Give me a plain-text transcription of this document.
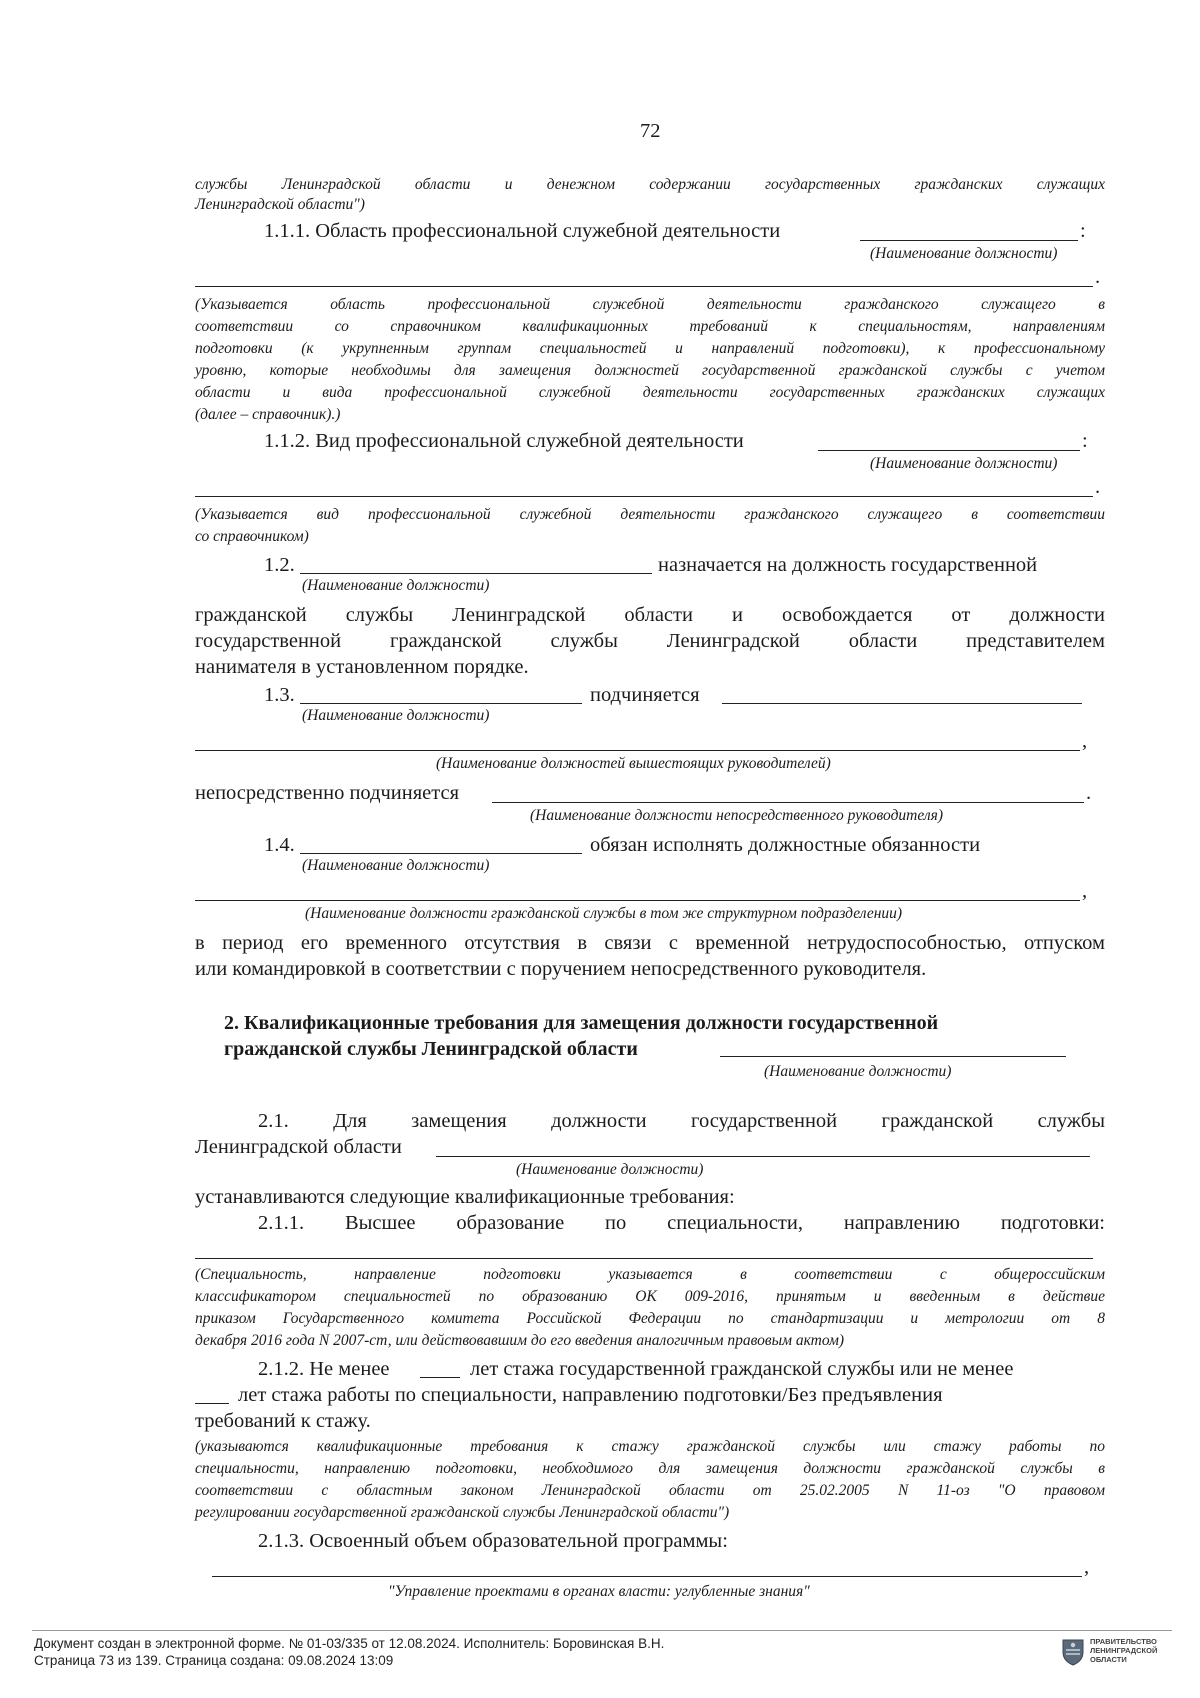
72
службы Ленинградской области и денежном содержании государственных гражданских служащих
Ленинградской области")
1.1.1. Область профессиональной служебной деятельности	:
(Наименование должности)
.
(Указывается область профессиональной служебной деятельности гражданского служащего в
соответствии со справочником квалификационных требований к специальностям, направлениям
подготовки (к укрупненным группам специальностей и направлений подготовки), к профессиональному
уровню, которые необходимы для замещения должностей государственной гражданской службы с учетом
области и вида профессиональной служебной деятельности государственных гражданских служащих
(далее – справочник).)
1.1.2. Вид профессиональной служебной деятельности	:
(Наименование должности)
.
(Указывается вид профессиональной служебной деятельности гражданского служащего в соответствии
со справочником)
1.2.	назначается на должность государственной
(Наименование должности)
гражданской службы Ленинградской области и освобождается от должности
государственной гражданской службы Ленинградской области представителем
нанимателя в установленном порядке.
1.3.	подчиняется
(Наименование должности)
,
(Наименование должностей вышестоящих руководителей)
непосредственно подчиняется	.
(Наименование должности непосредственного руководителя)
1.4.	обязан исполнять должностные обязанности
(Наименование должности)
,
(Наименование должности гражданской службы в том же структурном подразделении)
в период его временного отсутствия в связи с временной нетрудоспособностью, отпуском
или командировкой в соответствии с поручением непосредственного руководителя.
2. Квалификационные требования для замещения должности государственной
гражданской службы Ленинградской области
(Наименование должности)
2.1. Для замещения должности государственной гражданской службы
Ленинградской области
(Наименование должности)
устанавливаются следующие квалификационные требования:
2.1.1. Высшее образование по специальности, направлению подготовки:
(Специальность, направление подготовки указывается в соответствии с общероссийским
классификатором специальностей по образованию ОК 009-2016, принятым и введенным в действие
приказом Государственного комитета Российской Федерации по стандартизации и метрологии от 8
декабря 2016 года N 2007-ст, или действовавшим до его введения аналогичным правовым актом)
2.1.2. Не менее	лет стажа государственной гражданской службы или не менее
лет стажа работы по специальности, направлению подготовки/Без предъявления
требований к стажу.
(указываются квалификационные требования к стажу гражданской службы или стажу работы по
специальности, направлению подготовки, необходимого для замещения должности гражданской службы в
соответствии с областным законом Ленинградской области от 25.02.2005 N 11-оз "О правовом
регулировании государственной гражданской службы Ленинградской области")
2.1.3. Освоенный объем образовательной программы:
,
"Управление проектами в органах власти: углубленные знания"
Документ создан в электронной форме. № 01-03/335 от 12.08.2024. Исполнитель: Боровинская В.Н.
Страница 73 из 139. Страница создана: 09.08.2024 13:09
ПРАВИТЕЛЬСТВО
ЛЕНИНГРАДСКОЙ
ОБЛАСТИ
